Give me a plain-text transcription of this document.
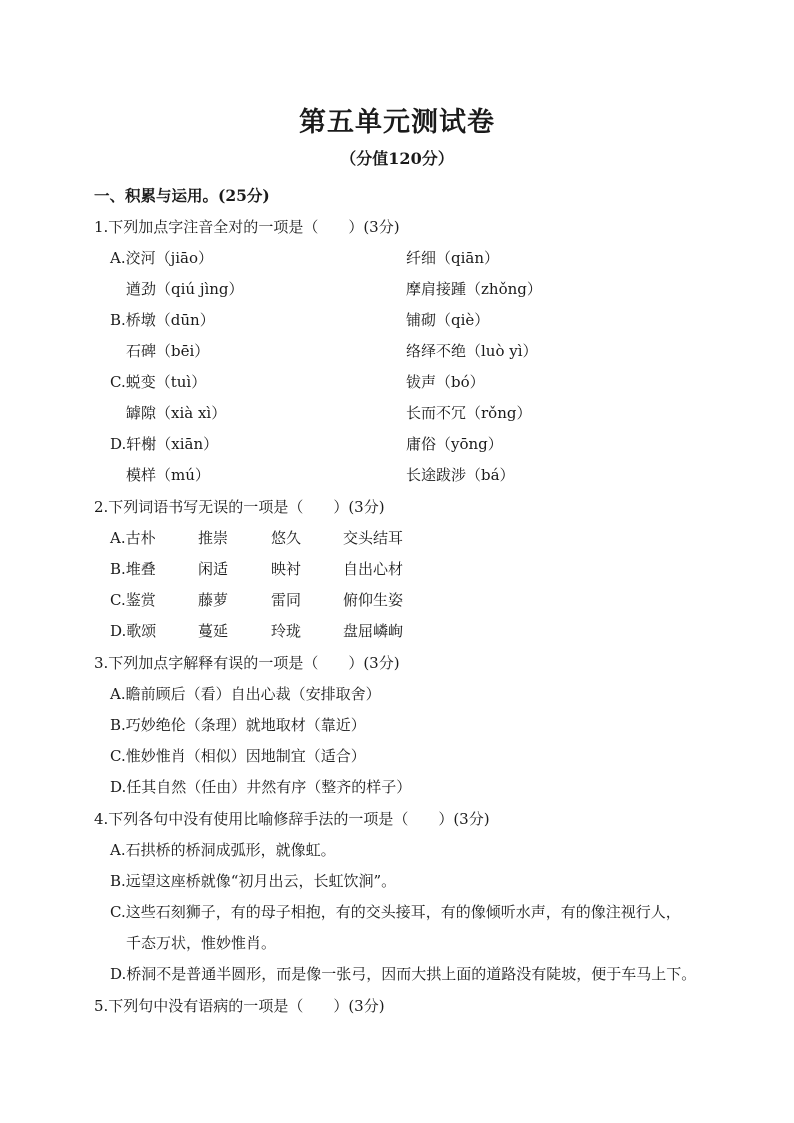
第五单元测试卷
（分值120分）
一、积累与运用。(25分)
1.下列加点字注音全对的一项是（　　）(3分)
A.洨河（jiāo）	纤细（qiān）
遒劲（qiú jìng）	摩肩接踵（zhǒng）
B.桥墩（dūn）	铺砌（qiè）
石碑（bēi）	络绎不绝（luò yì）
C.蜕变（tuì）	钹声（bó）
罅隙（xià xì）	长而不冗（rǒng）
D.轩榭（xiān）	庸俗（yōng）
模样（mú）	长途跋涉（bá）
2.下列词语书写无误的一项是（　　）(3分)
A.古朴	推崇	悠久	交头结耳
B.堆叠	闲适	映衬	自出心材
C.鉴赏	藤萝	雷同	俯仰生姿
D.歌颂	蔓延	玲珑	盘屈嶙峋
3.下列加点字解释有误的一项是（　　）(3分)
A.瞻前顾后（看）自出心裁（安排取舍）
B.巧妙绝伦（条理）就地取材（靠近）
C.惟妙惟肖（相似）因地制宜（适合）
D.任其自然（任由）井然有序（整齐的样子）
4.下列各句中没有使用比喻修辞手法的一项是（　　）(3分)
A.石拱桥的桥洞成弧形，就像虹。
B.远望这座桥就像“初月出云，长虹饮涧”。
C.这些石刻狮子，有的母子相抱，有的交头接耳，有的像倾听水声，有的像注视行人，
千态万状，惟妙惟肖。
D.桥洞不是普通半圆形，而是像一张弓，因而大拱上面的道路没有陡坡，便于车马上下。
5.下列句中没有语病的一项是（　　）(3分)
